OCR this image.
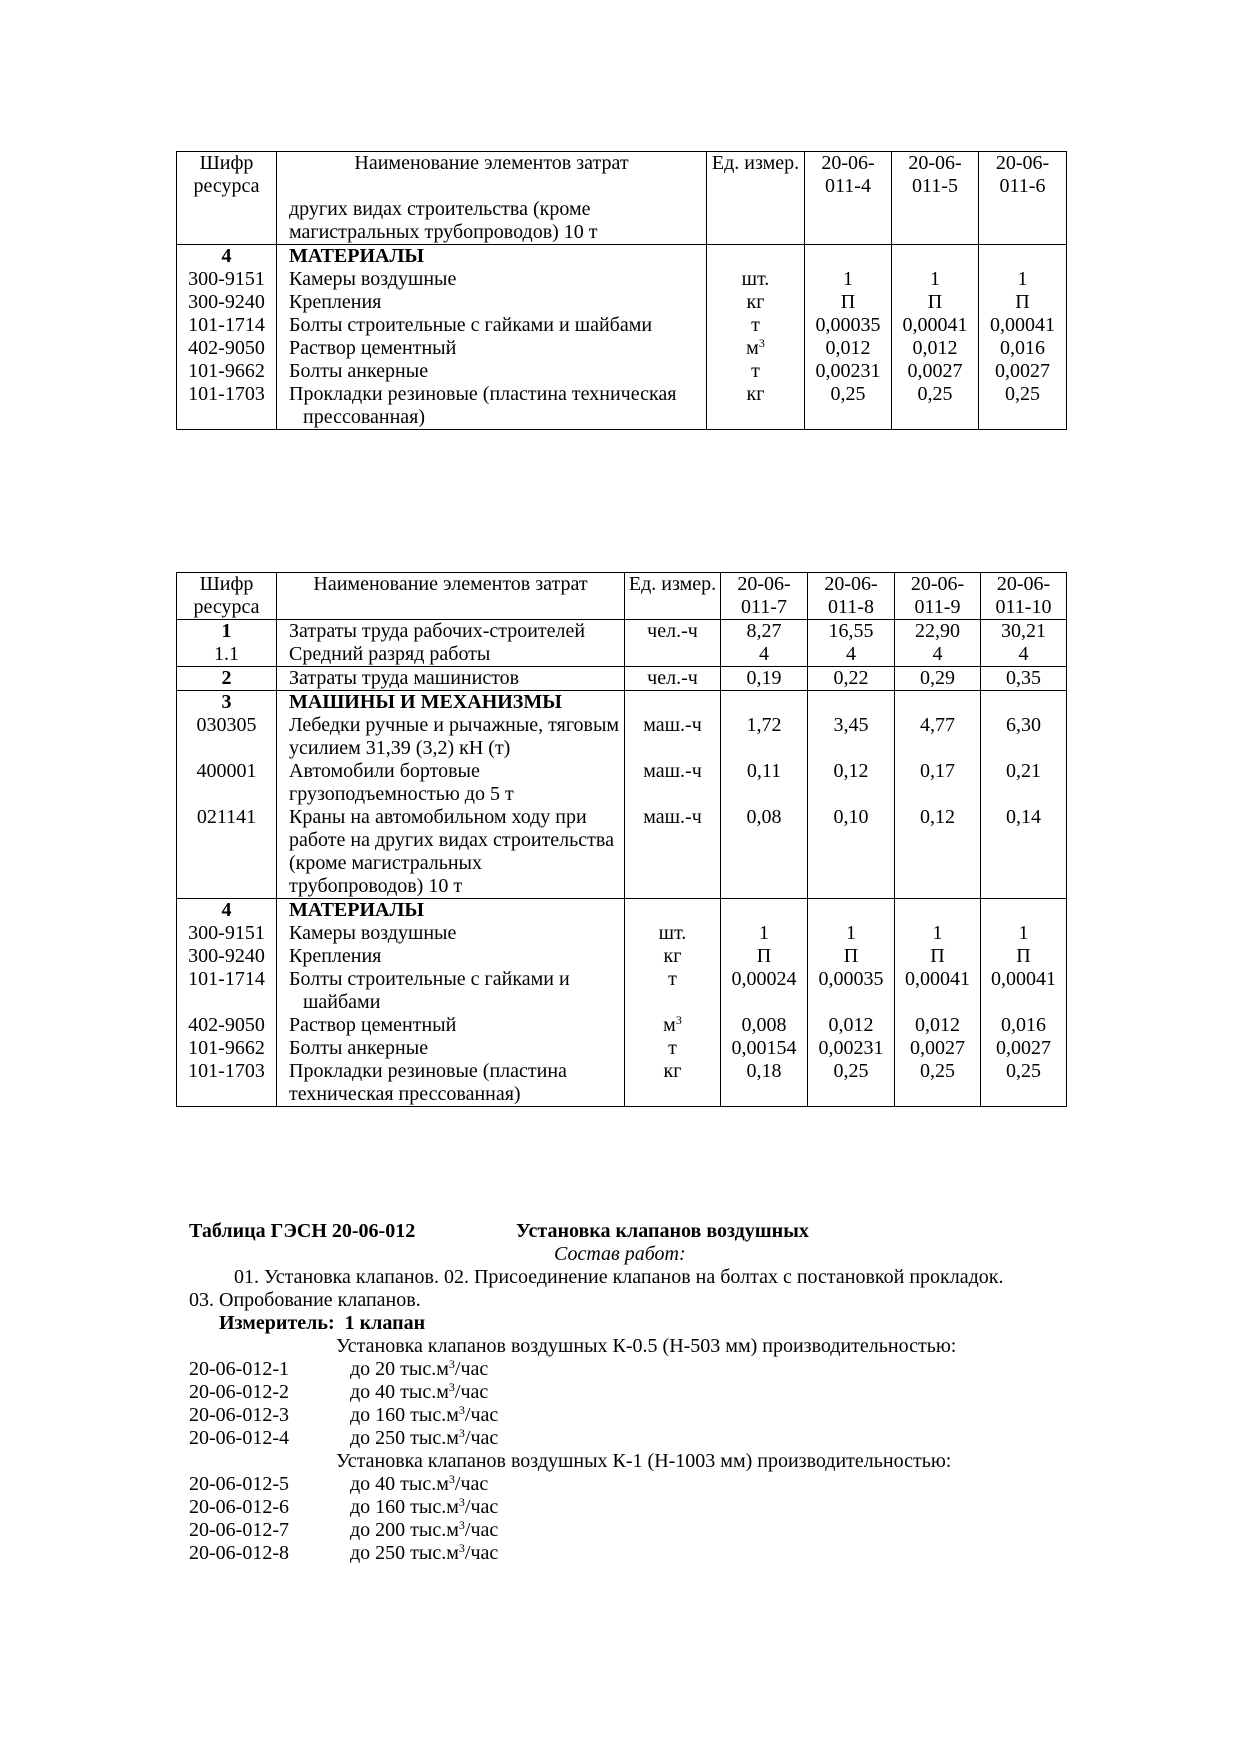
Шифр ресурса	Наименование элементов затрат	Ед. измер.	20-06-011-4	20-06-011-5	20-06-011-6
	других видах строительства (кроме магистральных трубопроводов) 10 т				
4	МАТЕРИАЛЫ				
300-9151	Камеры воздушные	шт.	1	1	1
300-9240	Крепления	кг	П	П	П
101-1714	Болты строительные с гайками и шайбами	т	0,00035	0,00041	0,00041
402-9050	Раствор цементный	$м^3$	0,012	0,012	0,016
101-9662	Болты анкерные	т	0,00231	0,0027	0,0027
101-1703	Прокладки резиновые (пластина техническая прессованная)	кг	0,25	0,25	0,25
Шифр ресурса	Наименование элементов затрат	Ед. измер.	20-06-011-7	20-06-011-8	20-06-011-9	20-06-011-10
1	Затраты труда рабочих-строителей	чел.-ч	8,27	16,55	22,90	30,21
1.1	Средний разряд работы		4	4	4	4
2	Затраты труда машинистов	чел.-ч	0,19	0,22	0,29	0,35
3	МАШИНЫ И МЕХАНИЗМЫ					
030305	Лебедки ручные и рычажные, тяговым усилием 31,39 (3,2) кН (т)	маш.-ч	1,72	3,45	4,77	6,30
400001	Автомобили бортовые грузоподъемностью до 5 т	маш.-ч	0,11	0,12	0,17	0,21
021141	Краны на автомобильном ходу при работе на других видах строительства (кроме магистральных трубопроводов) 10 т	маш.-ч	0,08	0,10	0,12	0,14
4	МАТЕРИАЛЫ					
300-9151	Камеры воздушные	шт.	1	1	1	1
300-9240	Крепления	кг	П	П	П	П
101-1714	Болты строительные с гайками и шайбами	т	0,00024	0,00035	0,00041	0,00041
402-9050	Раствор цементный	$м^3$	0,008	0,012	0,012	0,016
101-9662	Болты анкерные	т	0,00154	0,00231	0,0027	0,0027
101-1703	Прокладки резиновые (пластина техническая прессованная)	кг	0,18	0,25	0,25	0,25
Таблица ГЭСН 20-06-012	Установка клапанов воздушных
Состав работ:
01. Установка клапанов. 02. Присоединение клапанов на болтах с постановкой прокладок.
03. Опробование клапанов.
Измеритель: 1 клапан
Установка клапанов воздушных К-0.5 (Н-503 мм) производительностью:
20-06-012-1	до 20 $тыс.м^3$/час
20-06-012-2	до 40 $тыс.м^3$/час
20-06-012-3	до 160 $тыс.м^3$/час
20-06-012-4	до 250 $тыс.м^3$/час
Установка клапанов воздушных К-1 (Н-1003 мм) производительностью:
20-06-012-5	до 40 $тыс.м^3$/час
20-06-012-6	до 160 $тыс.м^3$/час
20-06-012-7	до 200 $тыс.м^3$/час
20-06-012-8	до 250 $тыс.м^3$/час
